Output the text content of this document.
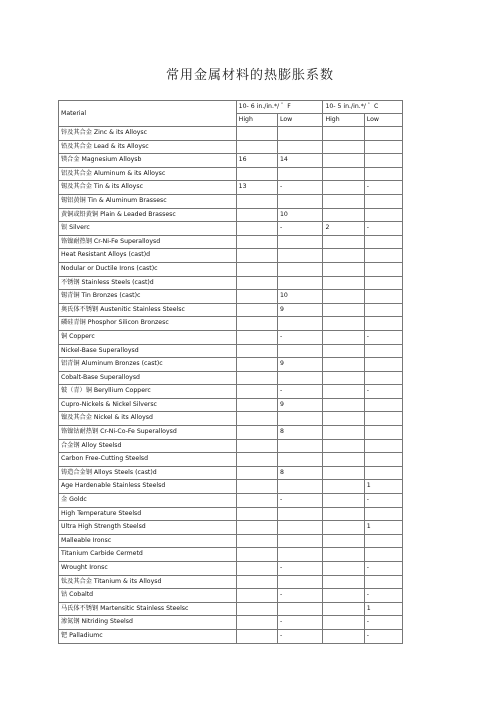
常用金属材料的热膨胀系数
Material	10- 6 in./in.*/ ゜F		10- 5 in./in.*/ ゜C	
	High	Low	High	Low
锌及其合金 Zinc & its Alloysc				
铅及其合金 Lead & its Alloysc				
镁合金 Magnesium Alloysb	16	14		
铝及其合金 Aluminum & its Alloysc				
锡及其合金 Tin & its Alloysc	13	-		-
锡铝黄铜 Tin & Aluminum Brassesc				
黄铜或铅黄铜 Plain & Leaded Brassesc		10		
银 Silverc		-	2	-
铬镍耐热钢 Cr-Ni-Fe Superalloysd				
Heat Resistant Alloys (cast)d				
Nodular or Ductile Irons (cast)c				
不锈钢 Stainless Steels (cast)d				
锡青铜 Tin Bronzes (cast)c		10		
奥氏体不锈钢 Austenitic Stainless Steelsc		9		
磷硅青铜 Phosphor Silicon Bronzesc				
铜 Copperc		-		-
Nickel-Base Superalloysd				
铝青铜 Aluminum Bronzes (cast)c		9		
Cobalt-Base Superalloysd				
铍（青）铜 Beryllium Copperc		-		-
Cupro-Nickels & Nickel Silversc		9		
镍及其合金 Nickel & its Alloysd				
铬镍钴耐热钢 Cr-Ni-Co-Fe Superalloysd		8		
合金钢 Alloy Steelsd				
Carbon Free-Cutting Steelsd				
铸造合金钢 Alloys Steels (cast)d		8		
Age Hardenable Stainless Steelsd				1
金 Goldc		-		-
High Temperature Steelsd				
Ultra High Strength Steelsd				1
Malleable Ironsc				
Titanium Carbide Cermetd				
Wrought Ironsc		-		-
钛及其合金 Titanium & its Alloysd				
钴 Cobaltd		-		-
马氏体不锈钢 Martensitic Stainless Steelsc				1
渗氮钢 Nitriding Steelsd		-		-
钯 Palladiumc		-		-
